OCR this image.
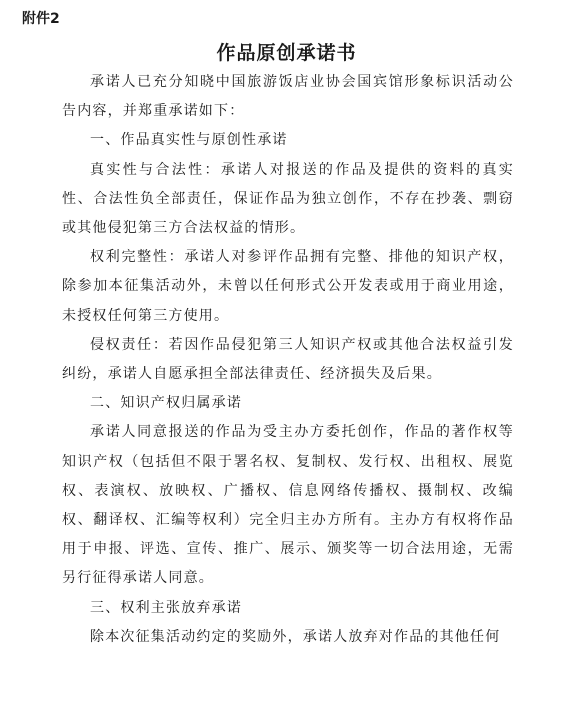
附件2
作品原创承诺书

承诺人已充分知晓中国旅游饭店业协会国宾馆形象标识活动公告内容，并郑重承诺如下：

一、作品真实性与原创性承诺

真实性与合法性：承诺人对报送的作品及提供的资料的真实性、合法性负全部责任，保证作品为独立创作，不存在抄袭、剽窃或其他侵犯第三方合法权益的情形。

权利完整性：承诺人对参评作品拥有完整、排他的知识产权，除参加本征集活动外，未曾以任何形式公开发表或用于商业用途，未授权任何第三方使用。

侵权责任：若因作品侵犯第三人知识产权或其他合法权益引发纠纷，承诺人自愿承担全部法律责任、经济损失及后果。

二、知识产权归属承诺

承诺人同意报送的作品为受主办方委托创作，作品的著作权等知识产权（包括但不限于署名权、复制权、发行权、出租权、展览权、表演权、放映权、广播权、信息网络传播权、摄制权、改编权、翻译权、汇编等权利）完全归主办方所有。主办方有权将作品用于申报、评选、宣传、推广、展示、颁奖等一切合法用途，无需另行征得承诺人同意。

三、权利主张放弃承诺

除本次征集活动约定的奖励外，承诺人放弃对作品的其他任何
